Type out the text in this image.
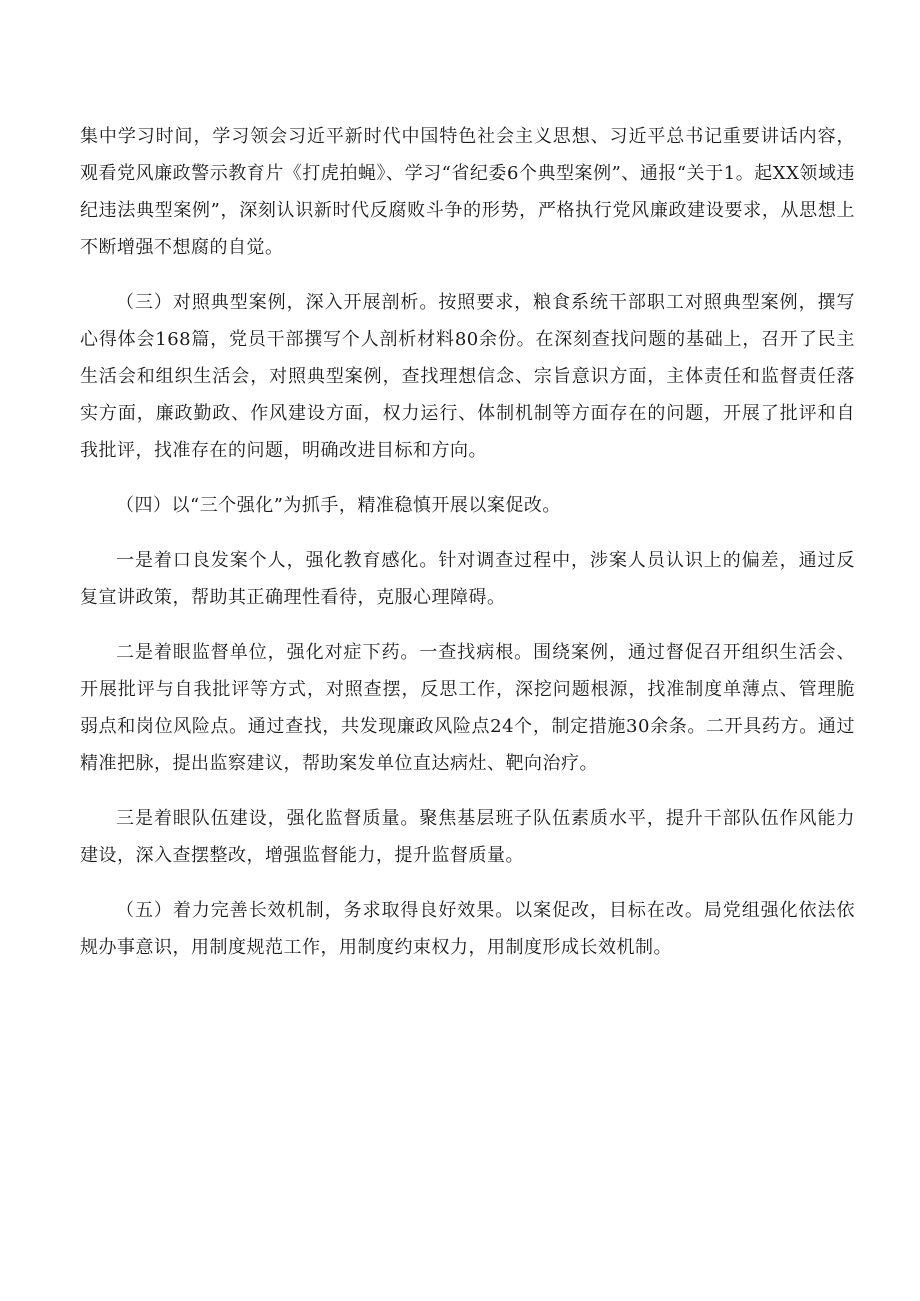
集中学习时间，学习领会习近平新时代中国特色社会主义思想、习近平总书记重要讲话内容，观看党风廉政警示教育片《打虎拍蝇》、学习“省纪委6个典型案例”、通报“关于1。起XX领域违纪违法典型案例”，深刻认识新时代反腐败斗争的形势，严格执行党风廉政建设要求，从思想上不断增强不想腐的自觉。

（三）对照典型案例，深入开展剖析。按照要求，粮食系统干部职工对照典型案例，撰写心得体会168篇，党员干部撰写个人剖析材料80余份。在深刻查找问题的基础上，召开了民主生活会和组织生活会，对照典型案例，查找理想信念、宗旨意识方面，主体责任和监督责任落实方面，廉政勤政、作风建设方面，权力运行、体制机制等方面存在的问题，开展了批评和自我批评，找准存在的问题，明确改进目标和方向。

（四）以“三个强化”为抓手，精准稳慎开展以案促改。

一是着口良发案个人，强化教育感化。针对调查过程中，涉案人员认识上的偏差，通过反复宣讲政策，帮助其正确理性看待，克服心理障碍。

二是着眼监督单位，强化对症下药。一查找病根。围绕案例，通过督促召开组织生活会、开展批评与自我批评等方式，对照查摆，反思工作，深挖问题根源，找准制度单薄点、管理脆弱点和岗位风险点。通过查找，共发现廉政风险点24个，制定措施30余条。二开具药方。通过精准把脉，提出监察建议，帮助案发单位直达病灶、靶向治疗。

三是着眼队伍建设，强化监督质量。聚焦基层班子队伍素质水平，提升干部队伍作风能力建设，深入查摆整改，增强监督能力，提升监督质量。

（五）着力完善长效机制，务求取得良好效果。以案促改，目标在改。局党组强化依法依规办事意识，用制度规范工作，用制度约束权力，用制度形成长效机制。
